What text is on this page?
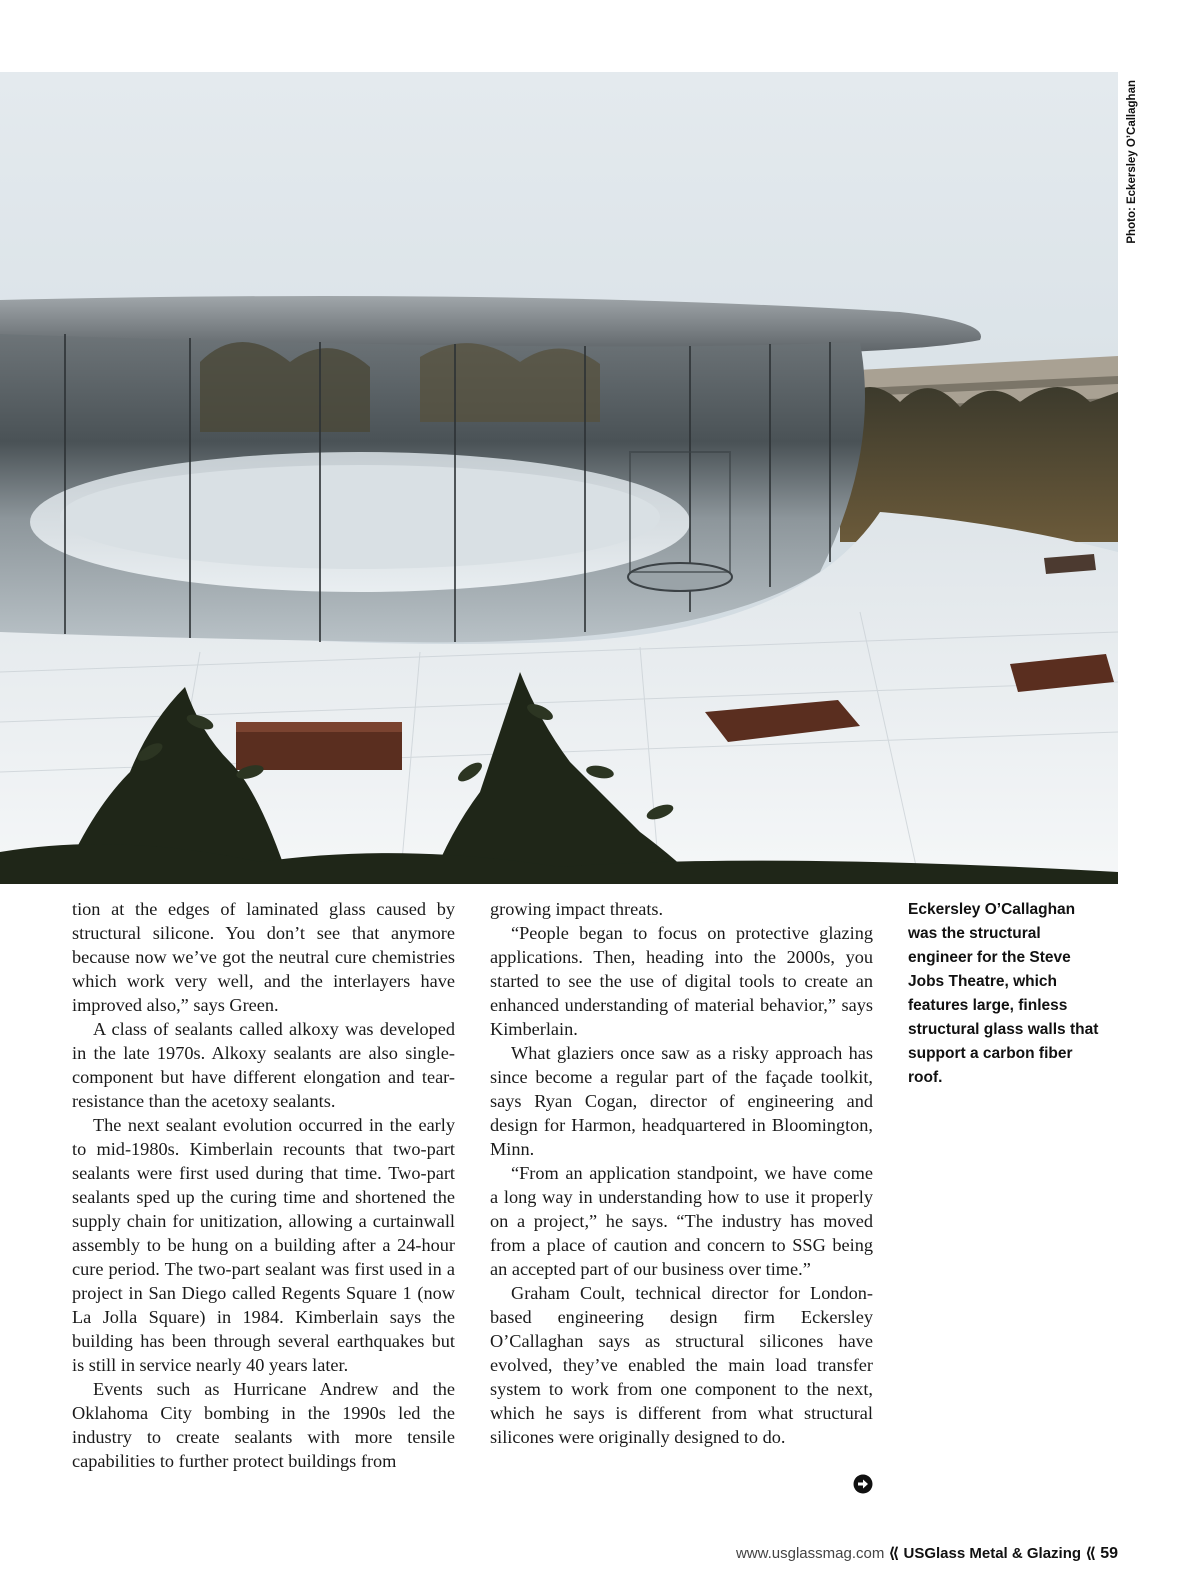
Photo: Eckersley O’Callaghan

tion at the edges of laminated glass caused by structural silicone. You don’t see that anymore because now we’ve got the neutral cure chemistries which work very well, and the interlayers have improved also,” says Green.

A class of sealants called alkoxy was developed in the late 1970s. Alkoxy sealants are also single-component but have different elongation and tear-resistance than the acetoxy sealants.

The next sealant evolution occurred in the early to mid-1980s. Kimberlain recounts that two-part sealants were first used during that time. Two-part sealants sped up the curing time and shortened the supply chain for unitization, allowing a curtainwall assembly to be hung on a building after a 24-hour cure period. The two-part sealant was first used in a project in San Diego called Regents Square 1 (now La Jolla Square) in 1984. Kimberlain says the building has been through several earthquakes but is still in service nearly 40 years later.

Events such as Hurricane Andrew and the Oklahoma City bombing in the 1990s led the industry to create sealants with more tensile capabilities to further protect buildings from

growing impact threats.

“People began to focus on protective glazing applications. Then, heading into the 2000s, you started to see the use of digital tools to create an enhanced understanding of material behavior,” says Kimberlain.

What glaziers once saw as a risky approach has since become a regular part of the façade toolkit, says Ryan Cogan, director of engineering and design for Harmon, headquartered in Bloomington, Minn.

“From an application standpoint, we have come a long way in understanding how to use it properly on a project,” he says. “The industry has moved from a place of caution and concern to SSG being an accepted part of our business over time.”

Graham Coult, technical director for London-based engineering design firm Eckersley O’Callaghan says as structural silicones have evolved, they’ve enabled the main load transfer system to work from one component to the next, which he says is different from what structural silicones were originally designed to do.

Eckersley O’Callaghan was the structural engineer for the Steve Jobs Theatre, which features large, finless structural glass walls that support a carbon fiber roof.
www.usglassmag.com ⟪ USGlass Metal & Glazing ⟪ 59
